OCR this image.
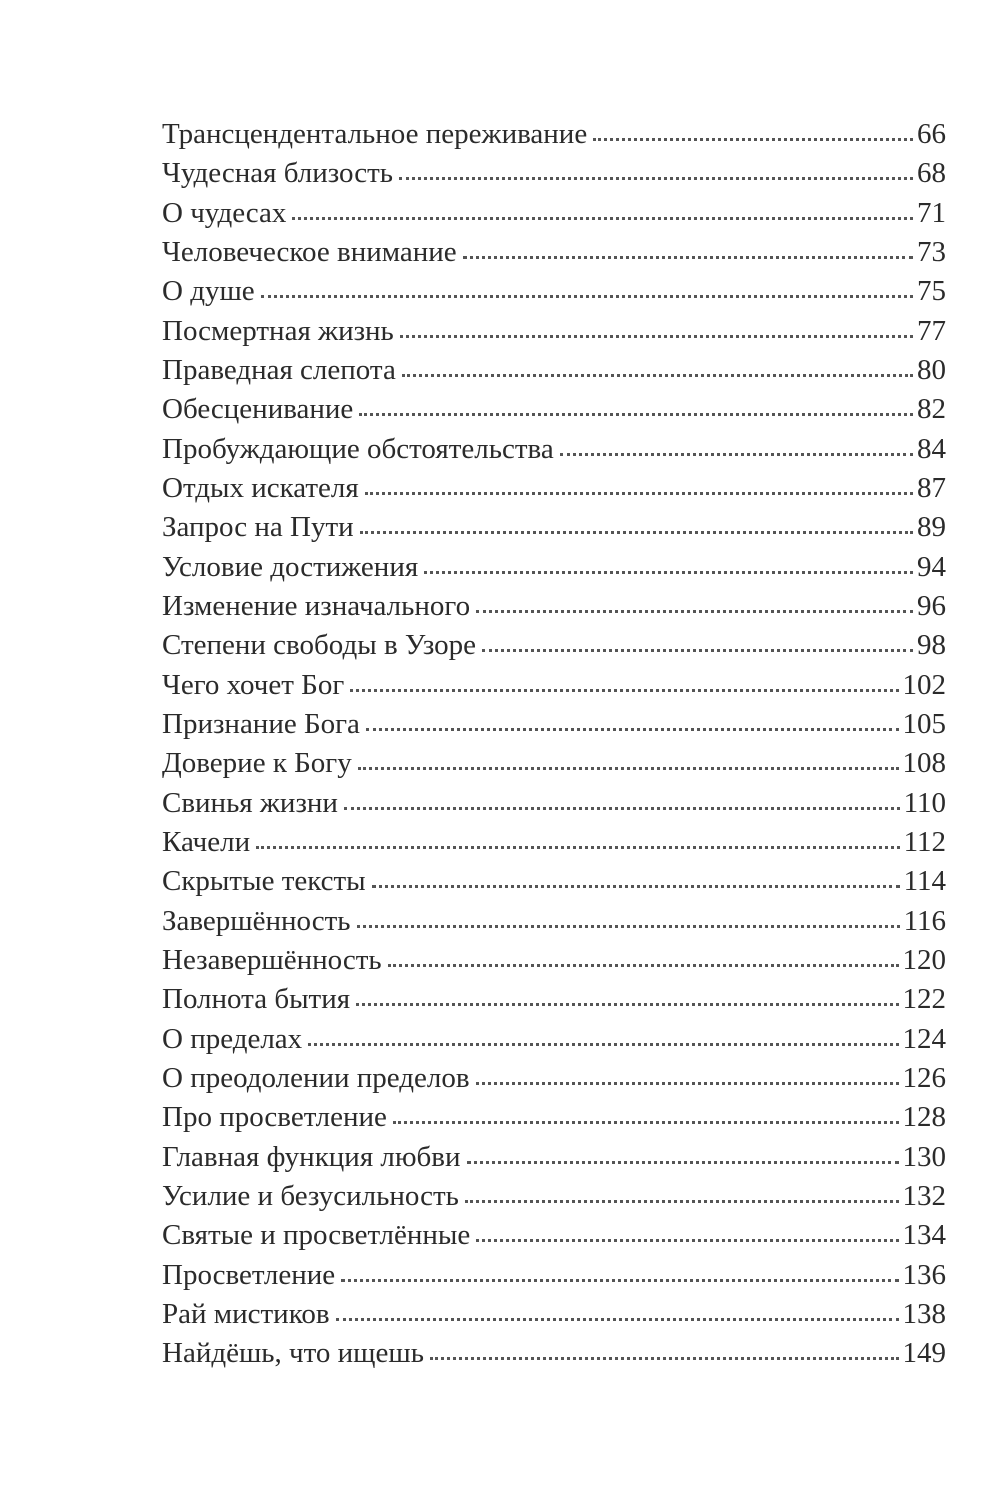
Трансцендентальное переживание	66
Чудесная близость	68
О чудесах	71
Человеческое внимание	73
О душе	75
Посмертная жизнь	77
Праведная слепота	80
Обесценивание	82
Пробуждающие обстоятельства	84
Отдых искателя	87
Запрос на Пути	89
Условие достижения	94
Изменение изначального	96
Степени свободы в Узоре	98
Чего хочет Бог	102
Признание Бога	105
Доверие к Богу	108
Свинья жизни	110
Качели	112
Скрытые тексты	114
Завершённость	116
Незавершённость	120
Полнота бытия	122
О пределах	124
О преодолении пределов	126
Про просветление	128
Главная функция любви	130
Усилие и безусильность	132
Святые и просветлённые	134
Просветление	136
Рай мистиков	138
Найдёшь, что ищешь	149
